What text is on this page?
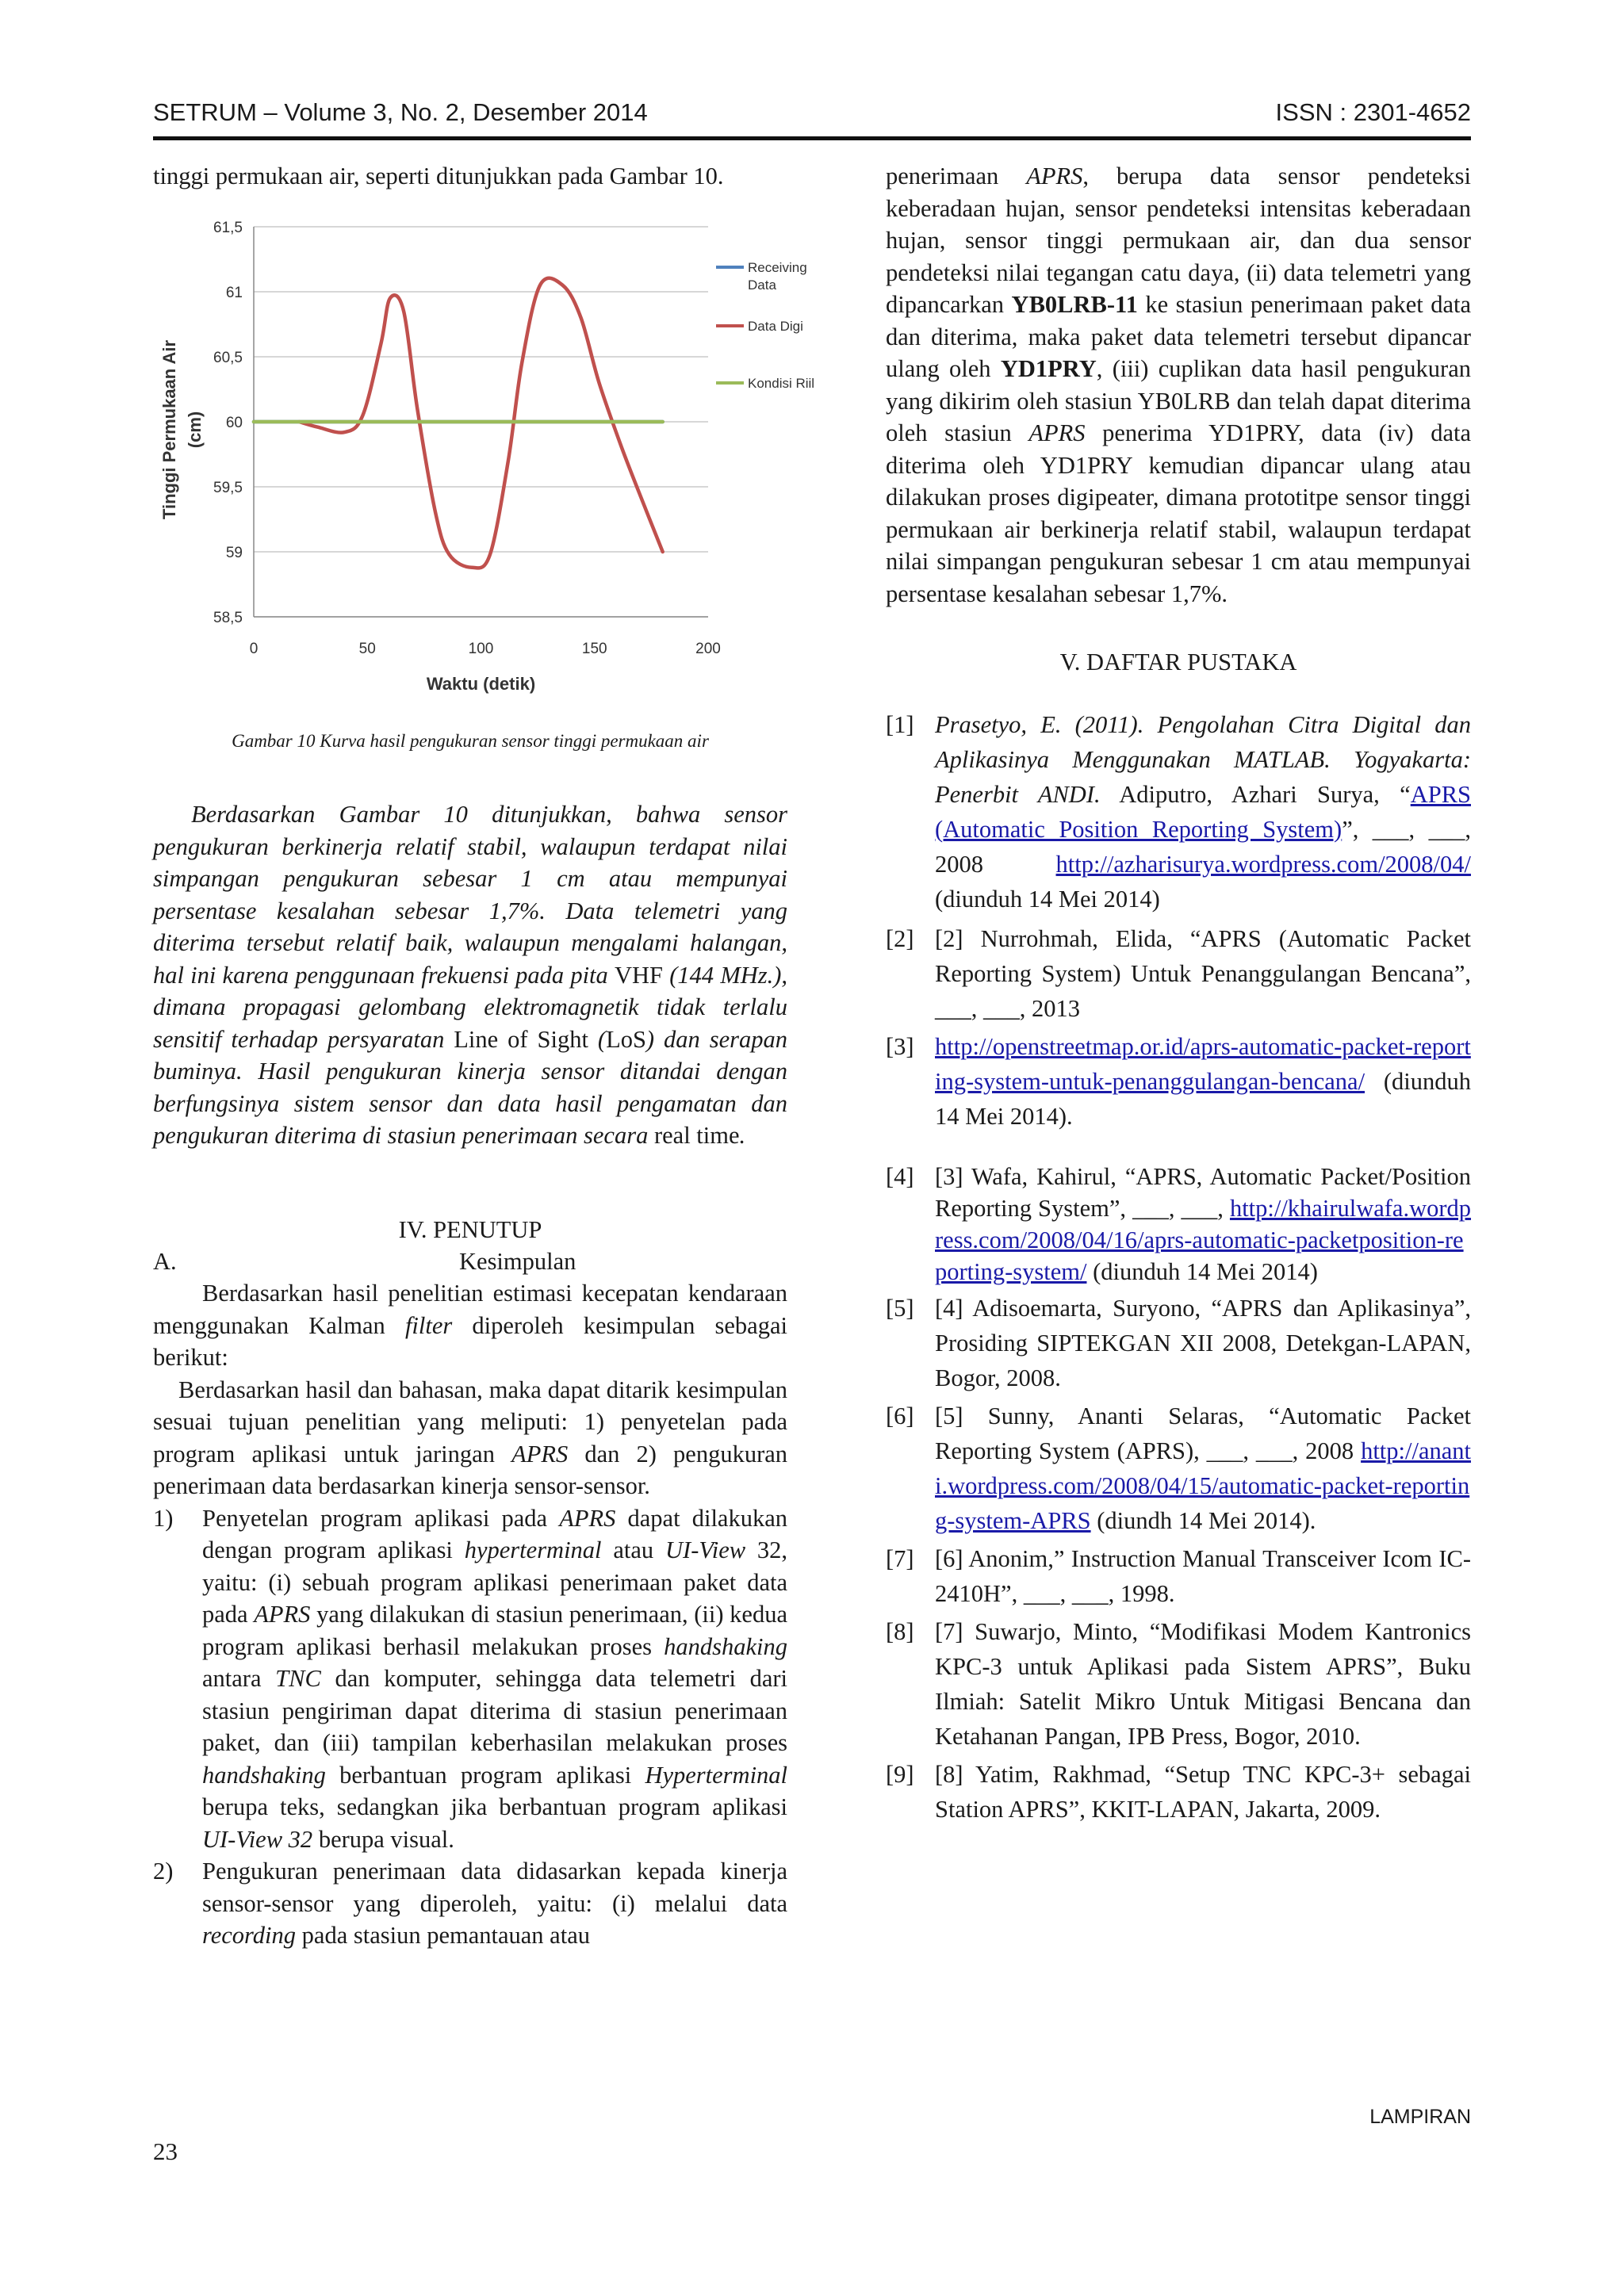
SETRUM – Volume 3, No. 2, Desember 2014	ISSN : 2301-4652

tinggi permukaan air, seperti ditunjukkan pada Gambar 10.

58,5
59
59,5
60
60,5
61
61,5
0	50	100	150	200
Waktu (detik)
Tinggi Permukaan Air (cm)
Receiving Data
Data Digi
Kondisi Riil

Gambar 10 Kurva hasil pengukuran sensor tinggi permukaan air

Berdasarkan Gambar 10 ditunjukkan, bahwa sensor pengukuran berkinerja relatif stabil, walaupun terdapat nilai simpangan pengukuran sebesar 1 cm atau mempunyai persentase kesalahan sebesar 1,7%. Data telemetri yang diterima tersebut relatif baik, walaupun mengalami halangan, hal ini karena penggunaan frekuensi pada pita VHF (144 MHz.), dimana propagasi gelombang elektromagnetik tidak terlalu sensitif terhadap persyaratan Line of Sight (LoS) dan serapan buminya. Hasil pengukuran kinerja sensor ditandai dengan berfungsinya sistem sensor dan data hasil pengamatan dan pengukuran diterima di stasiun penerimaan secara real time.

IV. PENUTUP

A.	Kesimpulan

Berdasarkan hasil penelitian estimasi kecepatan kendaraan menggunakan Kalman filter diperoleh kesimpulan sebagai berikut:

Berdasarkan hasil dan bahasan, maka dapat ditarik kesimpulan sesuai tujuan penelitian yang meliputi: 1) penyetelan pada program aplikasi untuk jaringan APRS dan 2) pengukuran penerimaan data berdasarkan kinerja sensor-sensor.

1) Penyetelan program aplikasi pada APRS dapat dilakukan dengan program aplikasi hyperterminal atau UI-View 32, yaitu: (i) sebuah program aplikasi penerimaan paket data pada APRS yang dilakukan di stasiun penerimaan, (ii) kedua program aplikasi berhasil melakukan proses handshaking antara TNC dan komputer, sehingga data telemetri dari stasiun pengiriman dapat diterima di stasiun penerimaan paket, dan (iii) tampilan keberhasilan melakukan proses handshaking berbantuan program aplikasi Hyperterminal berupa teks, sedangkan jika berbantuan program aplikasi UI-View 32 berupa visual.
2) Pengukuran penerimaan data didasarkan kepada kinerja sensor-sensor yang diperoleh, yaitu: (i) melalui data recording pada stasiun pemantauan atau

penerimaan APRS, berupa data sensor pendeteksi keberadaan hujan, sensor pendeteksi intensitas keberadaan hujan, sensor tinggi permukaan air, dan dua sensor pendeteksi nilai tegangan catu daya, (ii) data telemetri yang dipancarkan YB0LRB-11 ke stasiun penerimaan paket data dan diterima, maka paket data telemetri tersebut dipancar ulang oleh YD1PRY, (iii) cuplikan data hasil pengukuran yang dikirim oleh stasiun YB0LRB dan telah dapat diterima oleh stasiun APRS penerima YD1PRY, data (iv) data diterima oleh YD1PRY kemudian dipancar ulang atau dilakukan proses digipeater, dimana prototitpe sensor tinggi permukaan air berkinerja relatif stabil, walaupun terdapat nilai simpangan pengukuran sebesar 1 cm atau mempunyai persentase kesalahan sebesar 1,7%.

V. DAFTAR PUSTAKA

[1] Prasetyo, E. (2011). Pengolahan Citra Digital dan Aplikasinya Menggunakan MATLAB. Yogyakarta: Penerbit ANDI. Adiputro, Azhari Surya, “APRS (Automatic Position Reporting System)”, ___, ___, 2008	http://azharisurya.wordpress.com/2008/04/ (diunduh 14 Mei 2014)
[2] [2] Nurrohmah, Elida, “APRS (Automatic Packet Reporting System) Untuk Penanggulangan Bencana”, ___, ___, 2013
[3] http://openstreetmap.or.id/aprs-automatic-packet-reporting-system-untuk-penanggulangan-bencana/ (diunduh 14 Mei 2014).
[4] [3] Wafa, Kahirul, “APRS, Automatic Packet/Position Reporting System”, ___, ___, http://khairulwafa.wordpress.com/2008/04/16/aprs-automatic-packetposition-reporting-system/ (diunduh 14 Mei 2014)
[5] [4] Adisoemarta, Suryono, “APRS dan Aplikasinya”, Prosiding SIPTEKGAN XII 2008, Detekgan-LAPAN, Bogor, 2008.
[6] [5] Sunny, Ananti Selaras, “Automatic Packet Reporting System (APRS), ___, ___, 2008 http://ananti.wordpress.com/2008/04/15/automatic-packet-reporting-system-APRS (diundh 14 Mei 2014).
[7] [6] Anonim,” Instruction Manual Transceiver Icom IC-2410H”, ___, ___, 1998.
[8] [7] Suwarjo, Minto, “Modifikasi Modem Kantronics KPC-3 untuk Aplikasi pada Sistem APRS”, Buku Ilmiah: Satelit Mikro Untuk Mitigasi Bencana dan Ketahanan Pangan, IPB Press, Bogor, 2010.
[9] [8] Yatim, Rakhmad, “Setup TNC KPC-3+ sebagai Station APRS”, KKIT-LAPAN, Jakarta, 2009.
LAMPIRAN
23
